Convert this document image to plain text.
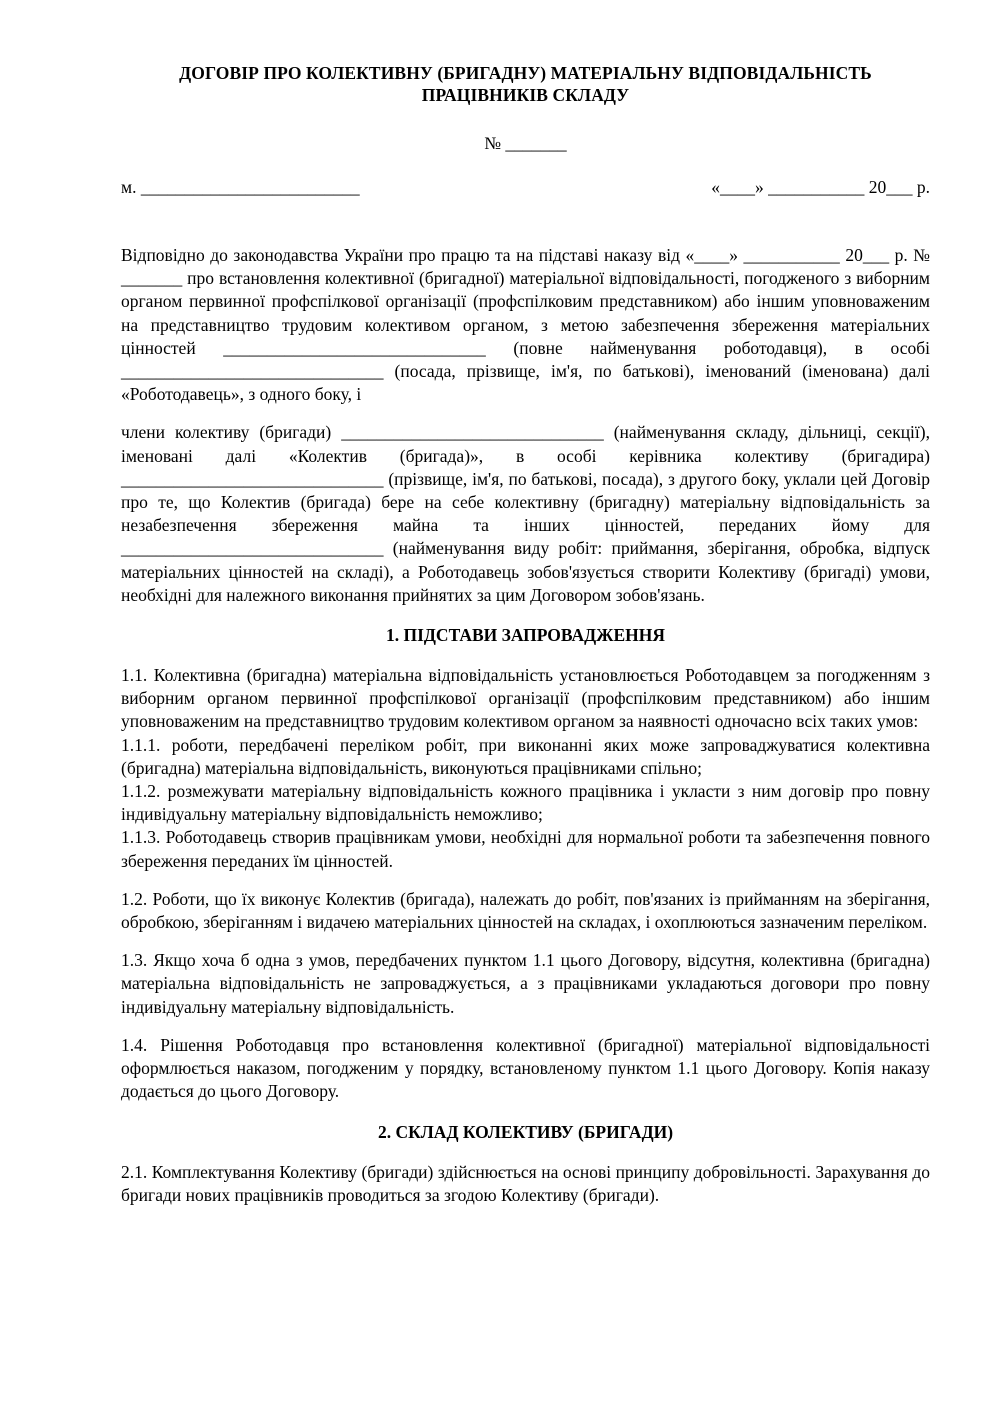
ДОГОВІР ПРО КОЛЕКТИВНУ (БРИГАДНУ) МАТЕРІАЛЬНУ ВІДПОВІДАЛЬНІСТЬ
ПРАЦІВНИКІВ СКЛАДУ
№ _______
м. _________________________	«____» ___________ 20___ р.

Відповідно до законодавства України про працю та на підставі наказу від «____» ___________ 20___ р. № _______ про встановлення колективної (бригадної) матеріальної відповідальності, погодженого з виборним органом первинної профспілкової організації (профспілковим представником) або іншим уповноваженим на представництво трудовим колективом органом, з метою забезпечення збереження матеріальних цінностей ______________________________ (повне найменування роботодавця), в особі ______________________________ (посада, прізвище, ім'я, по батькові), іменований (іменована) далі «Роботодавець», з одного боку, і

члени колективу (бригади) ______________________________ (найменування складу, дільниці, секції), іменовані далі «Колектив (бригада)», в особі керівника колективу (бригадира) ______________________________ (прізвище, ім'я, по батькові, посада), з другого боку, уклали цей Договір про те, що Колектив (бригада) бере на себе колективну (бригадну) матеріальну відповідальність за незабезпечення збереження майна та інших цінностей, переданих йому для ______________________________ (найменування виду робіт: приймання, зберігання, обробка, відпуск матеріальних цінностей на складі), а Роботодавець зобов'язується створити Колективу (бригаді) умови, необхідні для належного виконання прийнятих за цим Договором зобов'язань.

1. ПІДСТАВИ ЗАПРОВАДЖЕННЯ

1.1. Колективна (бригадна) матеріальна відповідальність установлюється Роботодавцем за погодженням з виборним органом первинної профспілкової організації (профспілковим представником) або іншим уповноваженим на представництво трудовим колективом органом за наявності одночасно всіх таких умов:

1.1.1. роботи, передбачені переліком робіт, при виконанні яких може запроваджуватися колективна (бригадна) матеріальна відповідальність, виконуються працівниками спільно;

1.1.2. розмежувати матеріальну відповідальність кожного працівника і укласти з ним договір про повну індивідуальну матеріальну відповідальність неможливо;

1.1.3. Роботодавець створив працівникам умови, необхідні для нормальної роботи та забезпечення повного збереження переданих їм цінностей.

1.2. Роботи, що їх виконує Колектив (бригада), належать до робіт, пов'язаних із прийманням на зберігання, обробкою, зберіганням і видачею матеріальних цінностей на складах, і охоплюються зазначеним переліком.

1.3. Якщо хоча б одна з умов, передбачених пунктом 1.1 цього Договору, відсутня, колективна (бригадна) матеріальна відповідальність не запроваджується, а з працівниками укладаються договори про повну індивідуальну матеріальну відповідальність.

1.4. Рішення Роботодавця про встановлення колективної (бригадної) матеріальної відповідальності оформлюється наказом, погодженим у порядку, встановленому пунктом 1.1 цього Договору. Копія наказу додається до цього Договору.

2. СКЛАД КОЛЕКТИВУ (БРИГАДИ)

2.1. Комплектування Колективу (бригади) здійснюється на основі принципу добровільності. Зарахування до бригади нових працівників проводиться за згодою Колективу (бригади).
